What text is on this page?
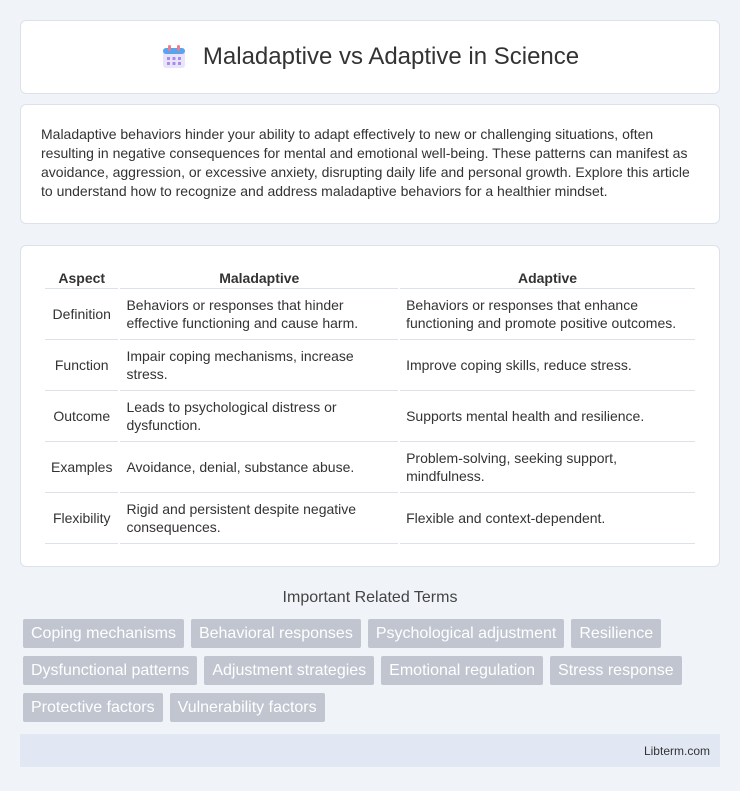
Maladaptive vs Adaptive in Science

Maladaptive behaviors hinder your ability to adapt effectively to new or challenging situations, often resulting in negative consequences for mental and emotional well-being. These patterns can manifest as avoidance, aggression, or excessive anxiety, disrupting daily life and personal growth. Explore this article to understand how to recognize and address maladaptive behaviors for a healthier mindset.

Aspect	Maladaptive	Adaptive
Definition	Behaviors or responses that hinder effective functioning and cause harm.	Behaviors or responses that enhance functioning and promote positive outcomes.
Function	Impair coping mechanisms, increase stress.	Improve coping skills, reduce stress.
Outcome	Leads to psychological distress or dysfunction.	Supports mental health and resilience.
Examples	Avoidance, denial, substance abuse.	Problem-solving, seeking support, mindfulness.
Flexibility	Rigid and persistent despite negative consequences.	Flexible and context-dependent.
Important Related Terms
Coping mechanisms	Behavioral responses	Psychological adjustment	Resilience
Dysfunctional patterns	Adjustment strategies	Emotional regulation	Stress response
Protective factors	Vulnerability factors
Libterm.com
